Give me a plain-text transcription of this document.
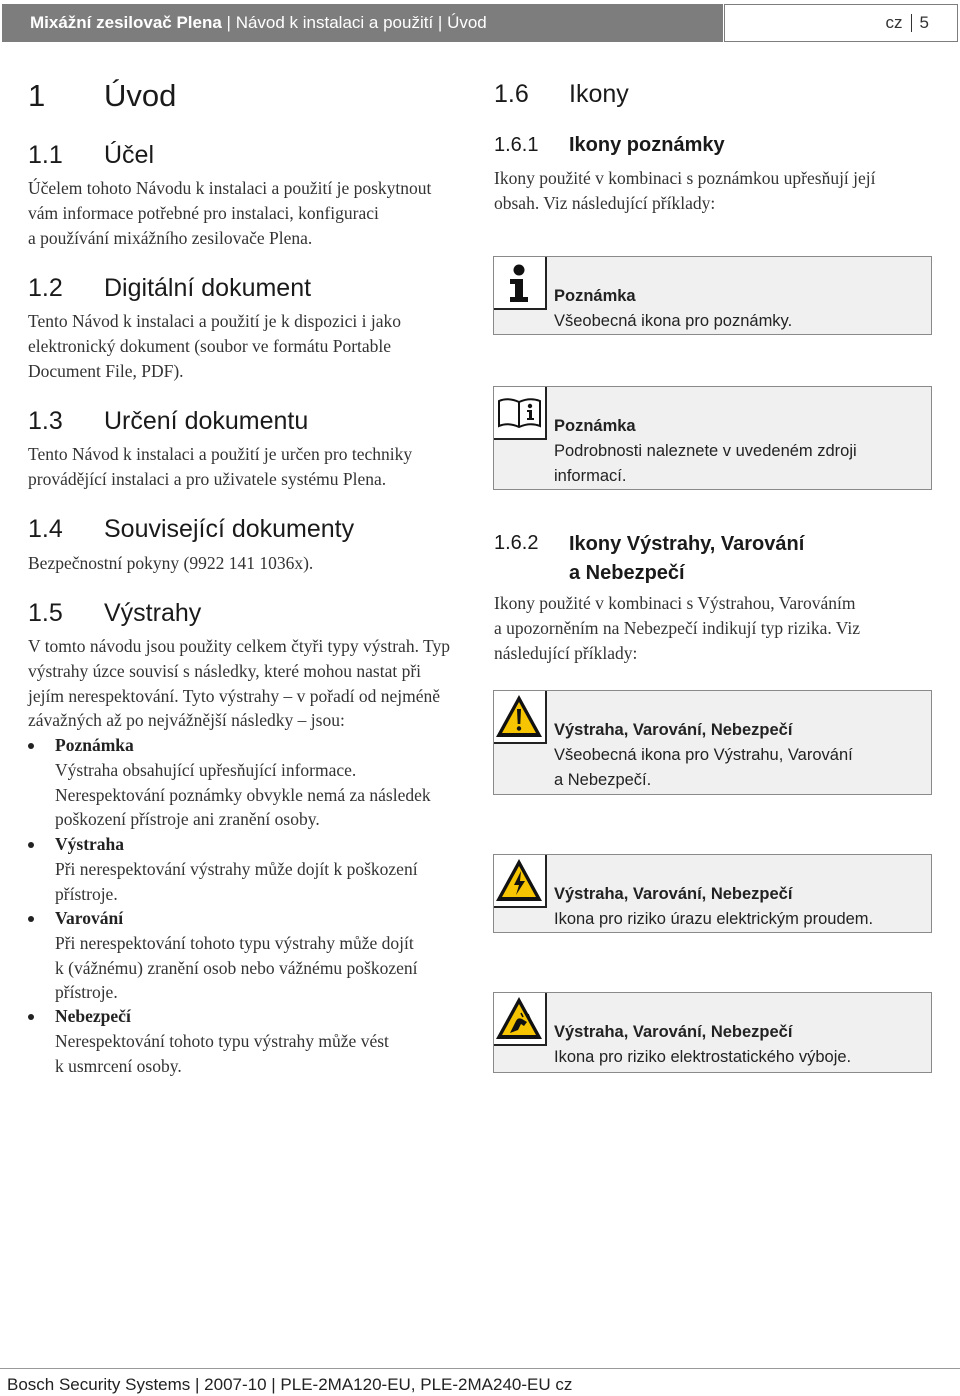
Mixážní zesilovač Plena | Návod k instalaci a použití | Úvod	cz 5
1 Úvod
1.1 Účel
Účelem tohoto Návodu k instalaci a použití je poskytnout
vám informace potřebné pro instalaci, konfiguraci
a používání mixážního zesilovače Plena.
1.2 Digitální dokument
Tento Návod k instalaci a použití je k dispozici i jako
elektronický dokument (soubor ve formátu Portable
Document File, PDF).
1.3 Určení dokumentu
Tento Návod k instalaci a použití je určen pro techniky
provádějící instalaci a pro uživatele systému Plena.
1.4 Související dokumenty
Bezpečnostní pokyny (9922 141 1036x).
1.5 Výstrahy
V tomto návodu jsou použity celkem čtyři typy výstrah. Typ
výstrahy úzce souvisí s následky, které mohou nastat při
jejím nerespektování. Tyto výstrahy – v pořadí od nejméně
závažných až po nejvážnější následky – jsou:
Poznámka
Výstraha obsahující upřesňující informace.
Nerespektování poznámky obvykle nemá za následek
poškození přístroje ani zranění osoby.
Výstraha
Při nerespektování výstrahy může dojít k poškození
přístroje.
Varování
Při nerespektování tohoto typu výstrahy může dojít
k (vážnému) zranění osob nebo vážnému poškození
přístroje.
Nebezpečí
Nerespektování tohoto typu výstrahy může vést
k usmrcení osoby.
1.6 Ikony
1.6.1 Ikony poznámky
Ikony použité v kombinaci s poznámkou upřesňují její
obsah. Viz následující příklady:
Poznámka
Všeobecná ikona pro poznámky.
Poznámka
Podrobnosti naleznete v uvedeném zdroji
informací.
1.6.2 Ikony Výstrahy, Varování
a Nebezpečí
Ikony použité v kombinaci s Výstrahou, Varováním
a upozorněním na Nebezpečí indikují typ rizika. Viz
následující příklady:
Výstraha, Varování, Nebezpečí
Všeobecná ikona pro Výstrahu, Varování
a Nebezpečí.
Výstraha, Varování, Nebezpečí
Ikona pro riziko úrazu elektrickým proudem.
Výstraha, Varování, Nebezpečí
Ikona pro riziko elektrostatického výboje.
Bosch Security Systems | 2007-10 | PLE-2MA120-EU, PLE-2MA240-EU cz
